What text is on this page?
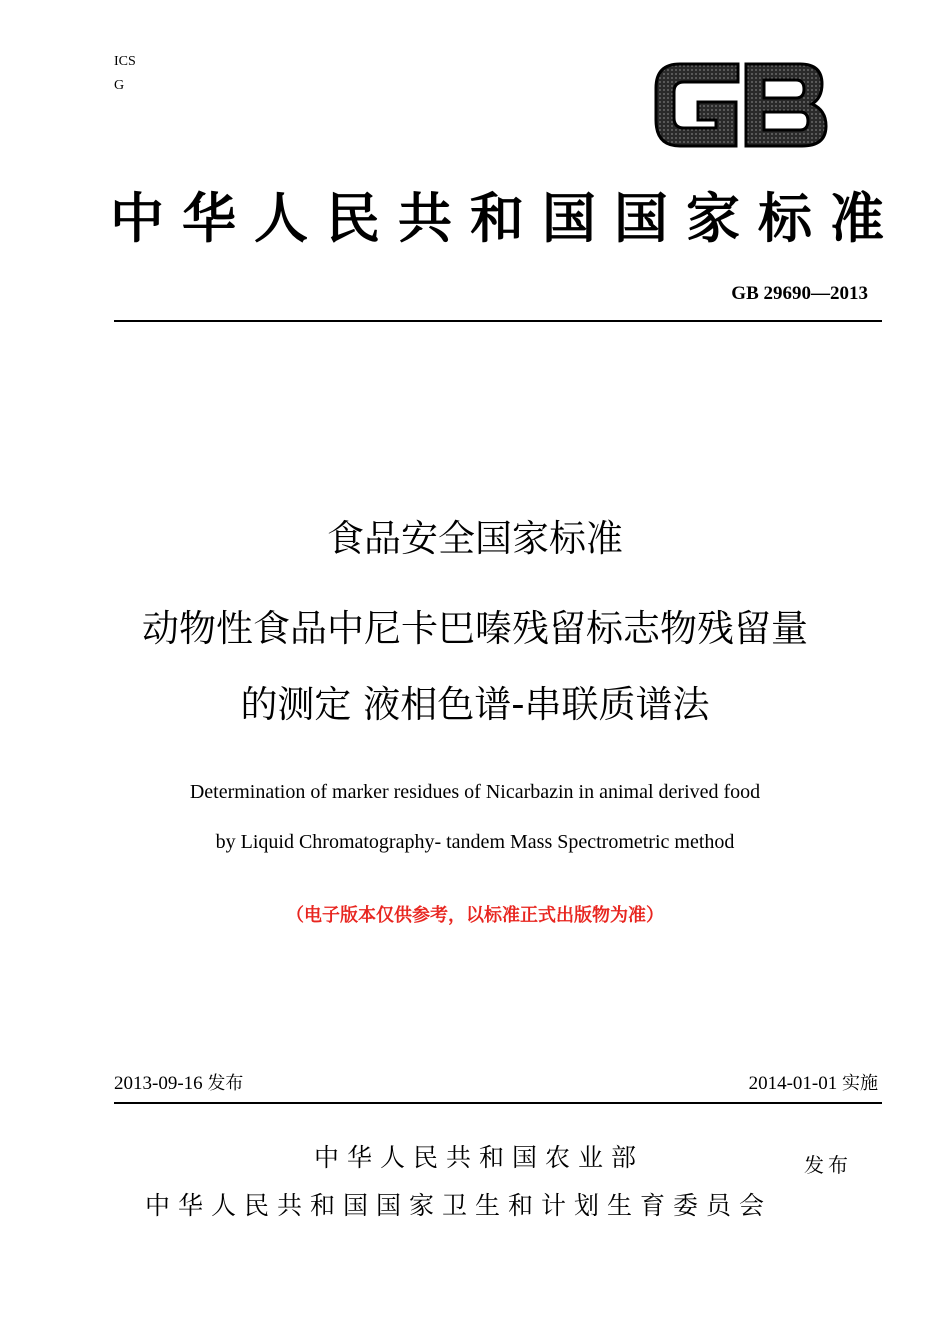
ICS
G
中华人民共和国国家标准
GB 29690—2013
食品安全国家标准
动物性食品中尼卡巴嗪残留标志物残留量
的测定 液相色谱-串联质谱法
Determination of marker residues of Nicarbazin in animal derived food
by Liquid Chromatography- tandem Mass Spectrometric method
（电子版本仅供参考，以标准正式出版物为准）
2013-09-16 发布	2014-01-01 实施
中华人民共和国农业部	发布
中华人民共和国国家卫生和计划生育委员会
